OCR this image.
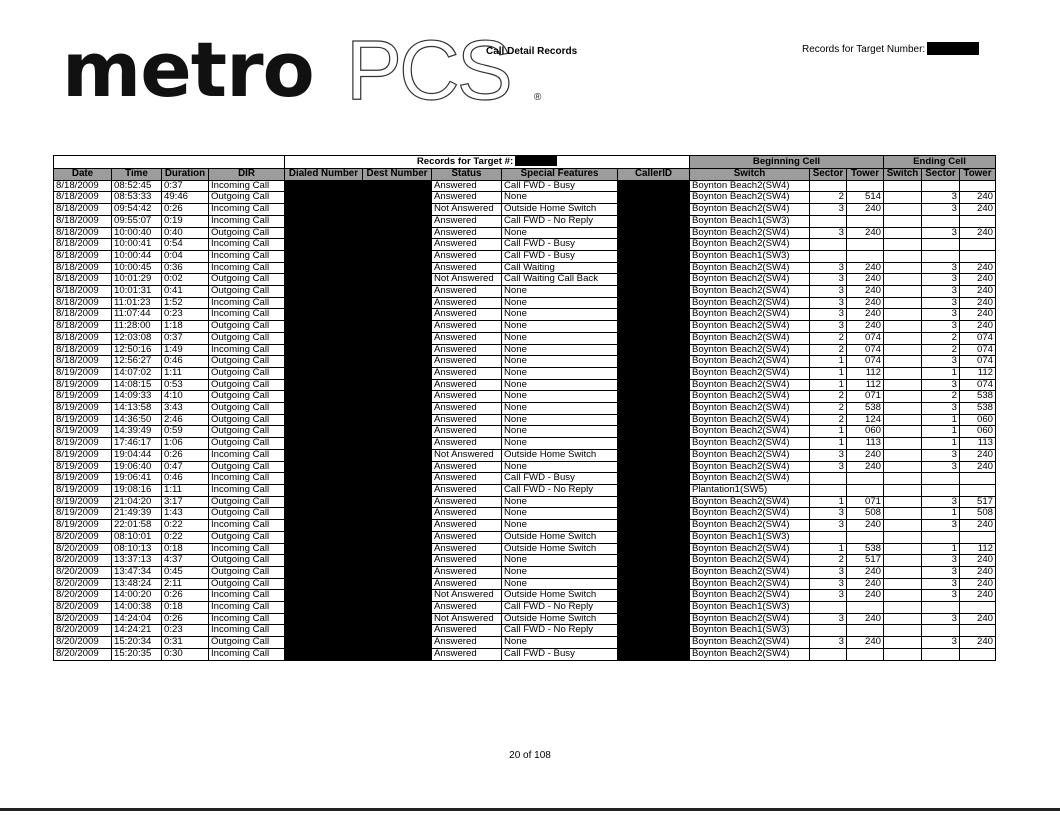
metro PCS ®
Call Detail Records	Records for Target Number:
				Records for Target #:					Beginning Cell			Ending Cell		
Date	Time	Duration	DIR	Dialed Number	Dest Number	Status	Special Features	CallerID	Switch	Sector	Tower	Switch	Sector	Tower
8/18/2009	08:52:45	0:37	Incoming Call			Answered	Call FWD - Busy		Boynton Beach2(SW4)					
8/18/2009	08:53:33	49:46	Outgoing Call			Answered	None		Boynton Beach2(SW4)	2	514		3	240
8/18/2009	09:54:42	0:26	Incoming Call			Not Answered	Outside Home Switch		Boynton Beach2(SW4)	3	240		3	240
8/18/2009	09:55:07	0:19	Incoming Call			Answered	Call FWD - No Reply		Boynton Beach1(SW3)					
8/18/2009	10:00:40	0:40	Outgoing Call			Answered	None		Boynton Beach2(SW4)	3	240		3	240
8/18/2009	10:00:41	0:54	Incoming Call			Answered	Call FWD - Busy		Boynton Beach2(SW4)					
8/18/2009	10:00:44	0:04	Incoming Call			Answered	Call FWD - Busy		Boynton Beach1(SW3)					
8/18/2009	10:00:45	0:36	Incoming Call			Answered	Call Waiting		Boynton Beach2(SW4)	3	240		3	240
8/18/2009	10:01:29	0:02	Outgoing Call			Not Answered	Call Waiting Call Back		Boynton Beach2(SW4)	3	240		3	240
8/18/2009	10:01:31	0:41	Outgoing Call			Answered	None		Boynton Beach2(SW4)	3	240		3	240
8/18/2009	11:01:23	1:52	Incoming Call			Answered	None		Boynton Beach2(SW4)	3	240		3	240
8/18/2009	11:07:44	0:23	Incoming Call			Answered	None		Boynton Beach2(SW4)	3	240		3	240
8/18/2009	11:28:00	1:18	Outgoing Call			Answered	None		Boynton Beach2(SW4)	3	240		3	240
8/18/2009	12:03:08	0:37	Outgoing Call			Answered	None		Boynton Beach2(SW4)	2	074		2	074
8/18/2009	12:50:16	1:49	Incoming Call			Answered	None		Boynton Beach2(SW4)	2	074		2	074
8/18/2009	12:56:27	0:46	Outgoing Call			Answered	None		Boynton Beach2(SW4)	1	074		3	074
8/19/2009	14:07:02	1:11	Outgoing Call			Answered	None		Boynton Beach2(SW4)	1	112		1	112
8/19/2009	14:08:15	0:53	Outgoing Call			Answered	None		Boynton Beach2(SW4)	1	112		3	074
8/19/2009	14:09:33	4:10	Outgoing Call			Answered	None		Boynton Beach2(SW4)	2	071		2	538
8/19/2009	14:13:58	3:43	Outgoing Call			Answered	None		Boynton Beach2(SW4)	2	538		3	538
8/19/2009	14:36:50	2:46	Outgoing Call			Answered	None		Boynton Beach2(SW4)	2	124		1	060
8/19/2009	14:39:49	0:59	Outgoing Call			Answered	None		Boynton Beach2(SW4)	1	060		1	060
8/19/2009	17:46:17	1:06	Outgoing Call			Answered	None		Boynton Beach2(SW4)	1	113		1	113
8/19/2009	19:04:44	0:26	Incoming Call			Not Answered	Outside Home Switch		Boynton Beach2(SW4)	3	240		3	240
8/19/2009	19:06:40	0:47	Outgoing Call			Answered	None		Boynton Beach2(SW4)	3	240		3	240
8/19/2009	19:06:41	0:46	Incoming Call			Answered	Call FWD - Busy		Boynton Beach2(SW4)					
8/19/2009	19:08:16	1:11	Incoming Call			Answered	Call FWD - No Reply		Plantation1(SW5)					
8/19/2009	21:04:20	3:17	Outgoing Call			Answered	None		Boynton Beach2(SW4)	1	071		3	517
8/19/2009	21:49:39	1:43	Outgoing Call			Answered	None		Boynton Beach2(SW4)	3	508		1	508
8/19/2009	22:01:58	0:22	Incoming Call			Answered	None		Boynton Beach2(SW4)	3	240		3	240
8/20/2009	08:10:01	0:22	Outgoing Call			Answered	Outside Home Switch		Boynton Beach1(SW3)					
8/20/2009	08:10:13	0:18	Incoming Call			Answered	Outside Home Switch		Boynton Beach2(SW4)	1	538		1	112
8/20/2009	13:37:13	4:37	Outgoing Call			Answered	None		Boynton Beach2(SW4)	2	517		3	240
8/20/2009	13:47:34	0:45	Outgoing Call			Answered	None		Boynton Beach2(SW4)	3	240		3	240
8/20/2009	13:48:24	2:11	Outgoing Call			Answered	None		Boynton Beach2(SW4)	3	240		3	240
8/20/2009	14:00:20	0:26	Incoming Call			Not Answered	Outside Home Switch		Boynton Beach2(SW4)	3	240		3	240
8/20/2009	14:00:38	0:18	Incoming Call			Answered	Call FWD - No Reply		Boynton Beach1(SW3)					
8/20/2009	14:24:04	0:26	Incoming Call			Not Answered	Outside Home Switch		Boynton Beach2(SW4)	3	240		3	240
8/20/2009	14:24:21	0:23	Incoming Call			Answered	Call FWD - No Reply		Boynton Beach1(SW3)					
8/20/2009	15:20:34	0:31	Outgoing Call			Answered	None		Boynton Beach2(SW4)	3	240		3	240
8/20/2009	15:20:35	0:30	Incoming Call			Answered	Call FWD - Busy		Boynton Beach2(SW4)					
20 of 108
